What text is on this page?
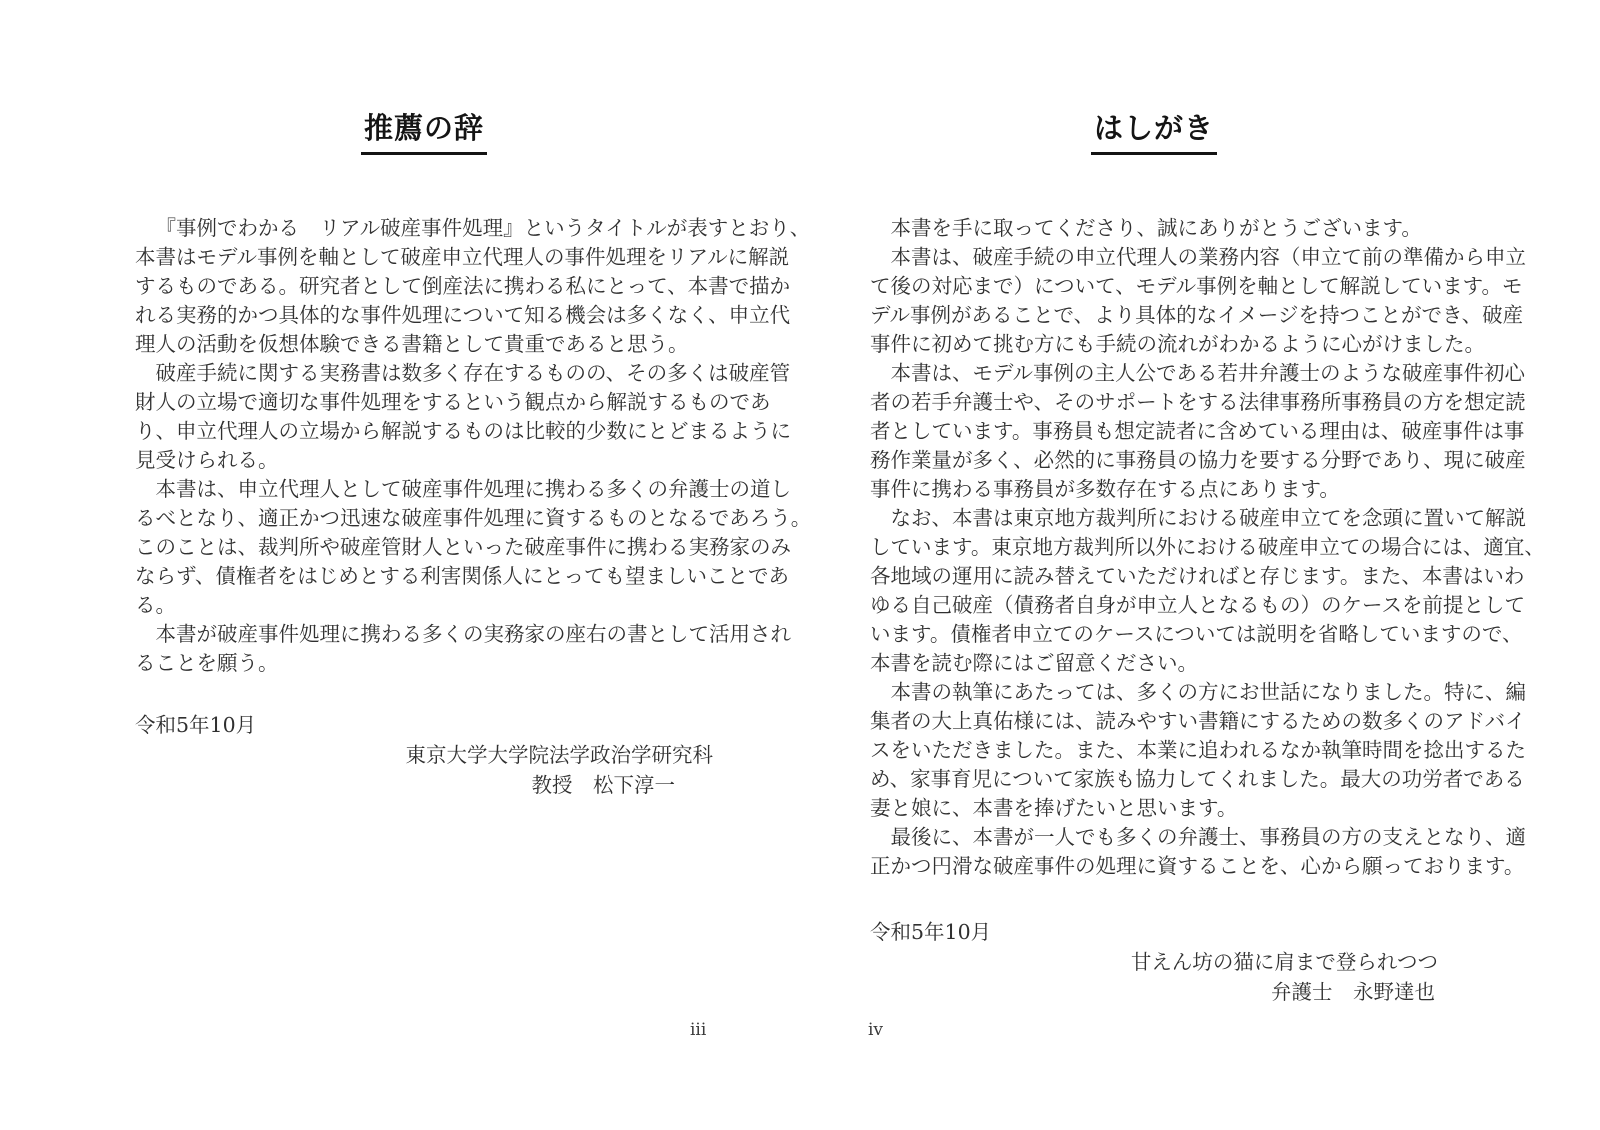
推薦の辞
『事例でわかる　リアル破産事件処理』というタイトルが表すとおり、
本書はモデル事例を軸として破産申立代理人の事件処理をリアルに解説
するものである。研究者として倒産法に携わる私にとって、本書で描か
れる実務的かつ具体的な事件処理について知る機会は多くなく、申立代
理人の活動を仮想体験できる書籍として貴重であると思う。
破産手続に関する実務書は数多く存在するものの、その多くは破産管
財人の立場で適切な事件処理をするという観点から解説するものであ
り、申立代理人の立場から解説するものは比較的少数にとどまるように
見受けられる。
本書は、申立代理人として破産事件処理に携わる多くの弁護士の道し
るべとなり、適正かつ迅速な破産事件処理に資するものとなるであろう。
このことは、裁判所や破産管財人といった破産事件に携わる実務家のみ
ならず、債権者をはじめとする利害関係人にとっても望ましいことであ
る。
本書が破産事件処理に携わる多くの実務家の座右の書として活用され
ることを願う。
令和5年10月
東京大学大学院法学政治学研究科
教授　松下淳一
はしがき
本書を手に取ってくださり、誠にありがとうございます。
本書は、破産手続の申立代理人の業務内容（申立て前の準備から申立
て後の対応まで）について、モデル事例を軸として解説しています。モ
デル事例があることで、より具体的なイメージを持つことができ、破産
事件に初めて挑む方にも手続の流れがわかるように心がけました。
本書は、モデル事例の主人公である若井弁護士のような破産事件初心
者の若手弁護士や、そのサポートをする法律事務所事務員の方を想定読
者としています。事務員も想定読者に含めている理由は、破産事件は事
務作業量が多く、必然的に事務員の協力を要する分野であり、現に破産
事件に携わる事務員が多数存在する点にあります。
なお、本書は東京地方裁判所における破産申立てを念頭に置いて解説
しています。東京地方裁判所以外における破産申立ての場合には、適宜、
各地域の運用に読み替えていただければと存じます。また、本書はいわ
ゆる自己破産（債務者自身が申立人となるもの）のケースを前提として
います。債権者申立てのケースについては説明を省略していますので、
本書を読む際にはご留意ください。
本書の執筆にあたっては、多くの方にお世話になりました。特に、編
集者の大上真佑様には、読みやすい書籍にするための数多くのアドバイ
スをいただきました。また、本業に追われるなか執筆時間を捻出するた
め、家事育児について家族も協力してくれました。最大の功労者である
妻と娘に、本書を捧げたいと思います。
最後に、本書が一人でも多くの弁護士、事務員の方の支えとなり、適
正かつ円滑な破産事件の処理に資することを、心から願っております。
令和5年10月
甘えん坊の猫に肩まで登られつつ
弁護士　永野達也
iii	iv
